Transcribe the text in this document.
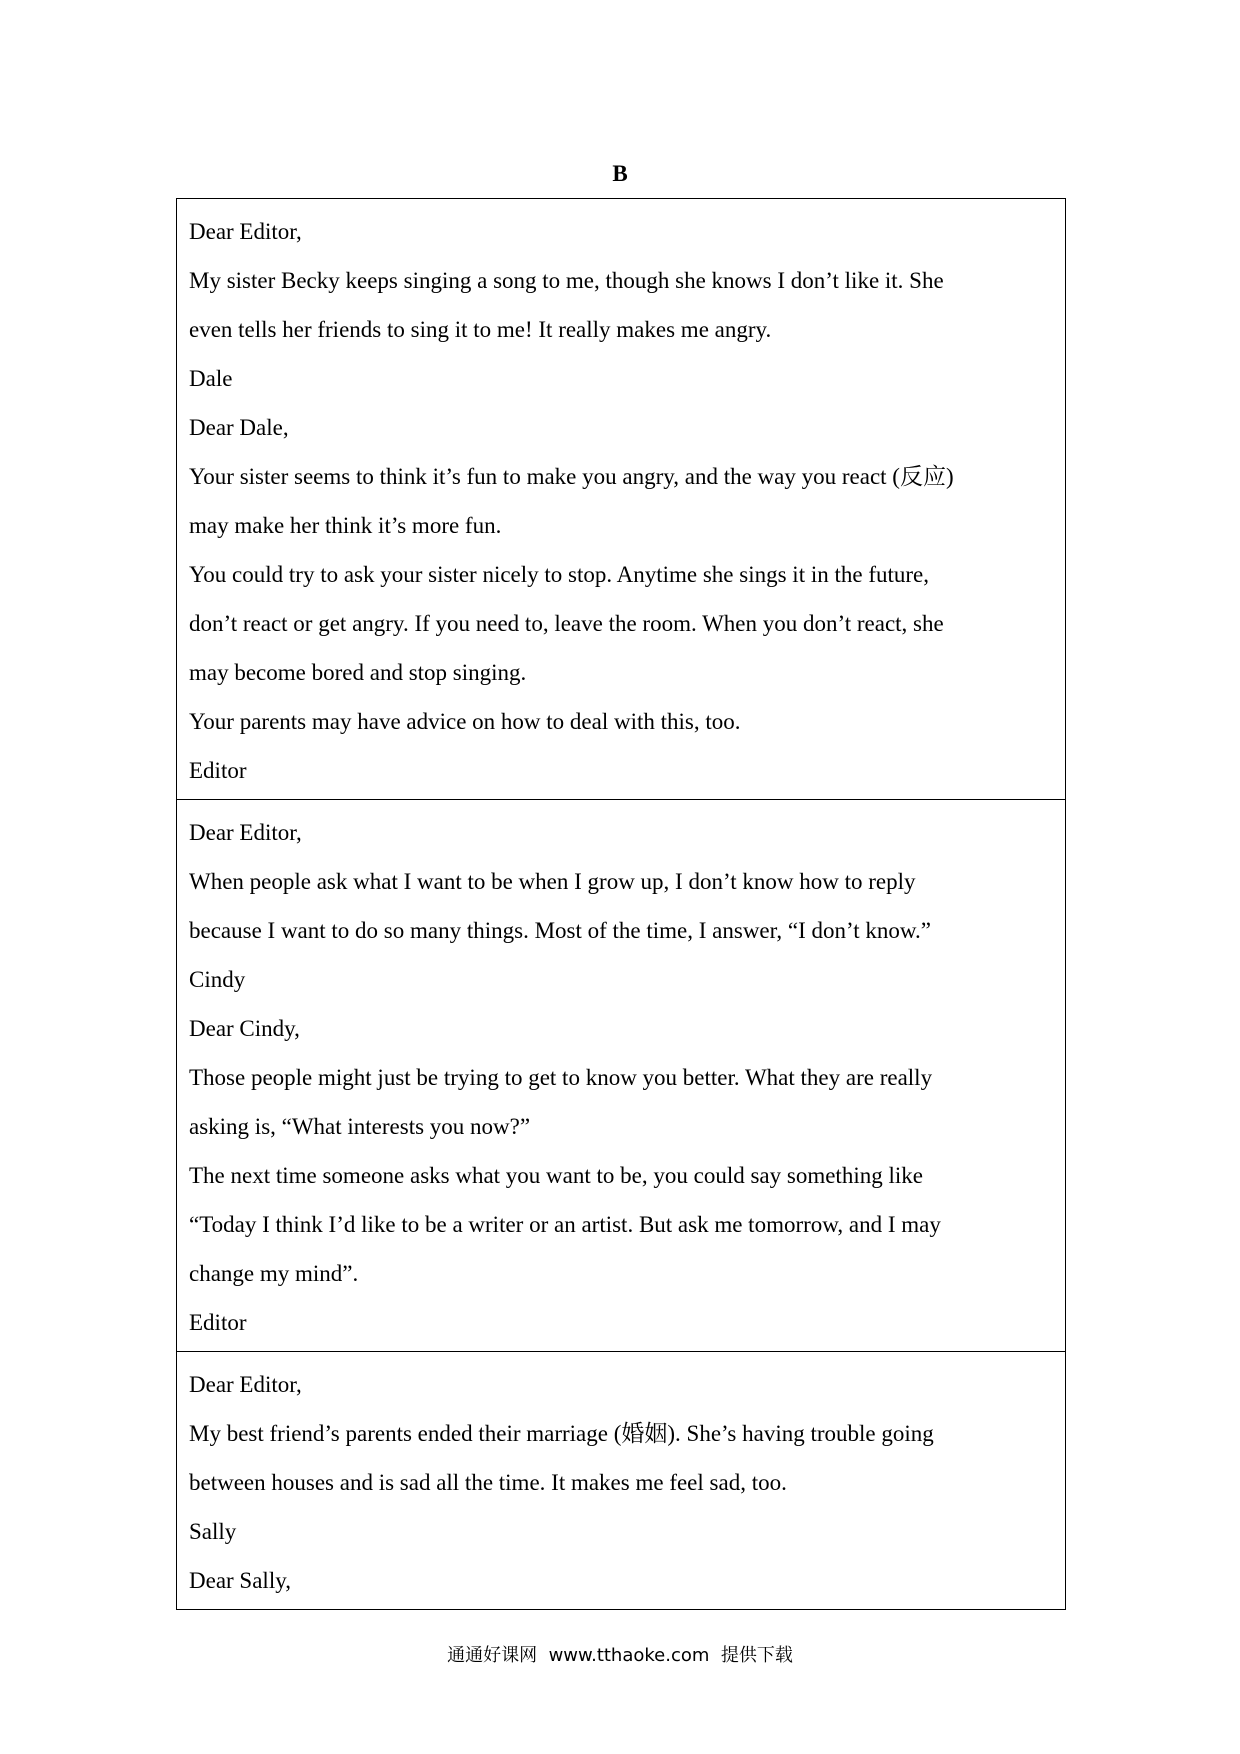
B

Dear Editor,

My sister Becky keeps singing a song to me, though she knows I don’t like it. She

even tells her friends to sing it to me! It really makes me angry.

Dale

Dear Dale,

Your sister seems to think it’s fun to make you angry, and the way you react (反应)

may make her think it’s more fun.

You could try to ask your sister nicely to stop. Anytime she sings it in the future,

don’t react or get angry. If you need to, leave the room. When you don’t react, she

may become bored and stop singing.

Your parents may have advice on how to deal with this, too.

Editor

Dear Editor,

When people ask what I want to be when I grow up, I don’t know how to reply

because I want to do so many things. Most of the time, I answer, “I don’t know.”

Cindy

Dear Cindy,

Those people might just be trying to get to know you better. What they are really

asking is, “What interests you now?”

The next time someone asks what you want to be, you could say something like

“Today I think I’d like to be a writer or an artist. But ask me tomorrow, and I may

change my mind”.

Editor

Dear Editor,

My best friend’s parents ended their marriage (婚姻). She’s having trouble going

between houses and is sad all the time. It makes me feel sad, too.

Sally

Dear Sally,

通通好课网  www.tthaoke.com  提供下载
